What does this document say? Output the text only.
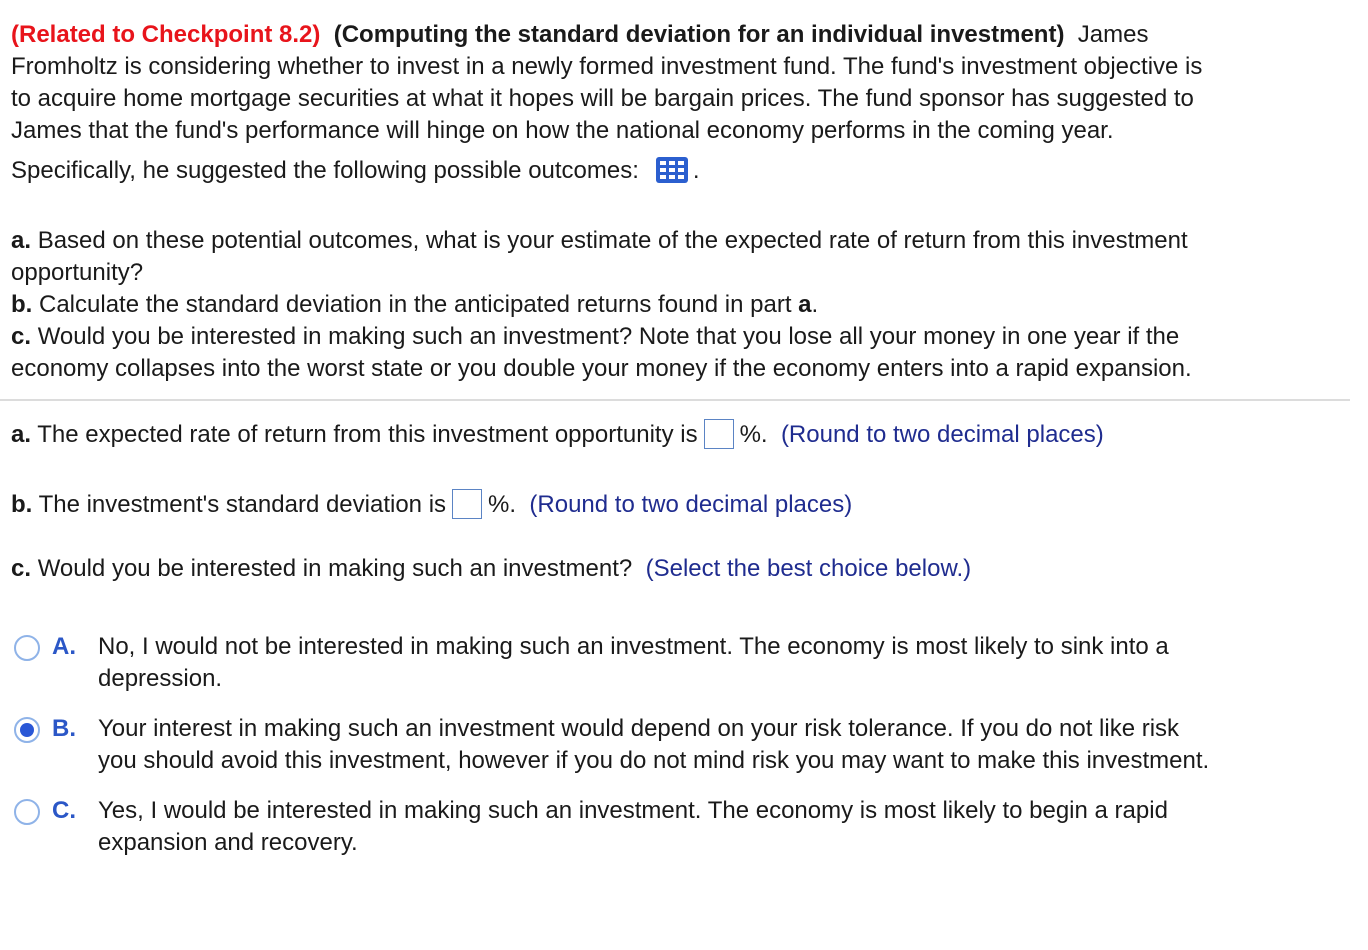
(Related to Checkpoint 8.2) (Computing the standard deviation for an individual investment) James
Fromholtz is considering whether to invest in a newly formed investment fund. The fund's investment objective is
to acquire home mortgage securities at what it hopes will be bargain prices. The fund sponsor has suggested to
James that the fund's performance will hinge on how the national economy performs in the coming year.
Specifically, he suggested the following possible outcomes: .
a. Based on these potential outcomes, what is your estimate of the expected rate of return from this investment
opportunity?
b. Calculate the standard deviation in the anticipated returns found in part a.
c. Would you be interested in making such an investment? Note that you lose all your money in one year if the
economy collapses into the worst state or you double your money if the economy enters into a rapid expansion.
a. The expected rate of return from this investment opportunity is %. (Round to two decimal places)
b. The investment's standard deviation is %. (Round to two decimal places)
c. Would you be interested in making such an investment? (Select the best choice below.)
A. No, I would not be interested in making such an investment. The economy is most likely to sink into a
depression.
B. Your interest in making such an investment would depend on your risk tolerance. If you do not like risk
you should avoid this investment, however if you do not mind risk you may want to make this investment.
C. Yes, I would be interested in making such an investment. The economy is most likely to begin a rapid
expansion and recovery.
